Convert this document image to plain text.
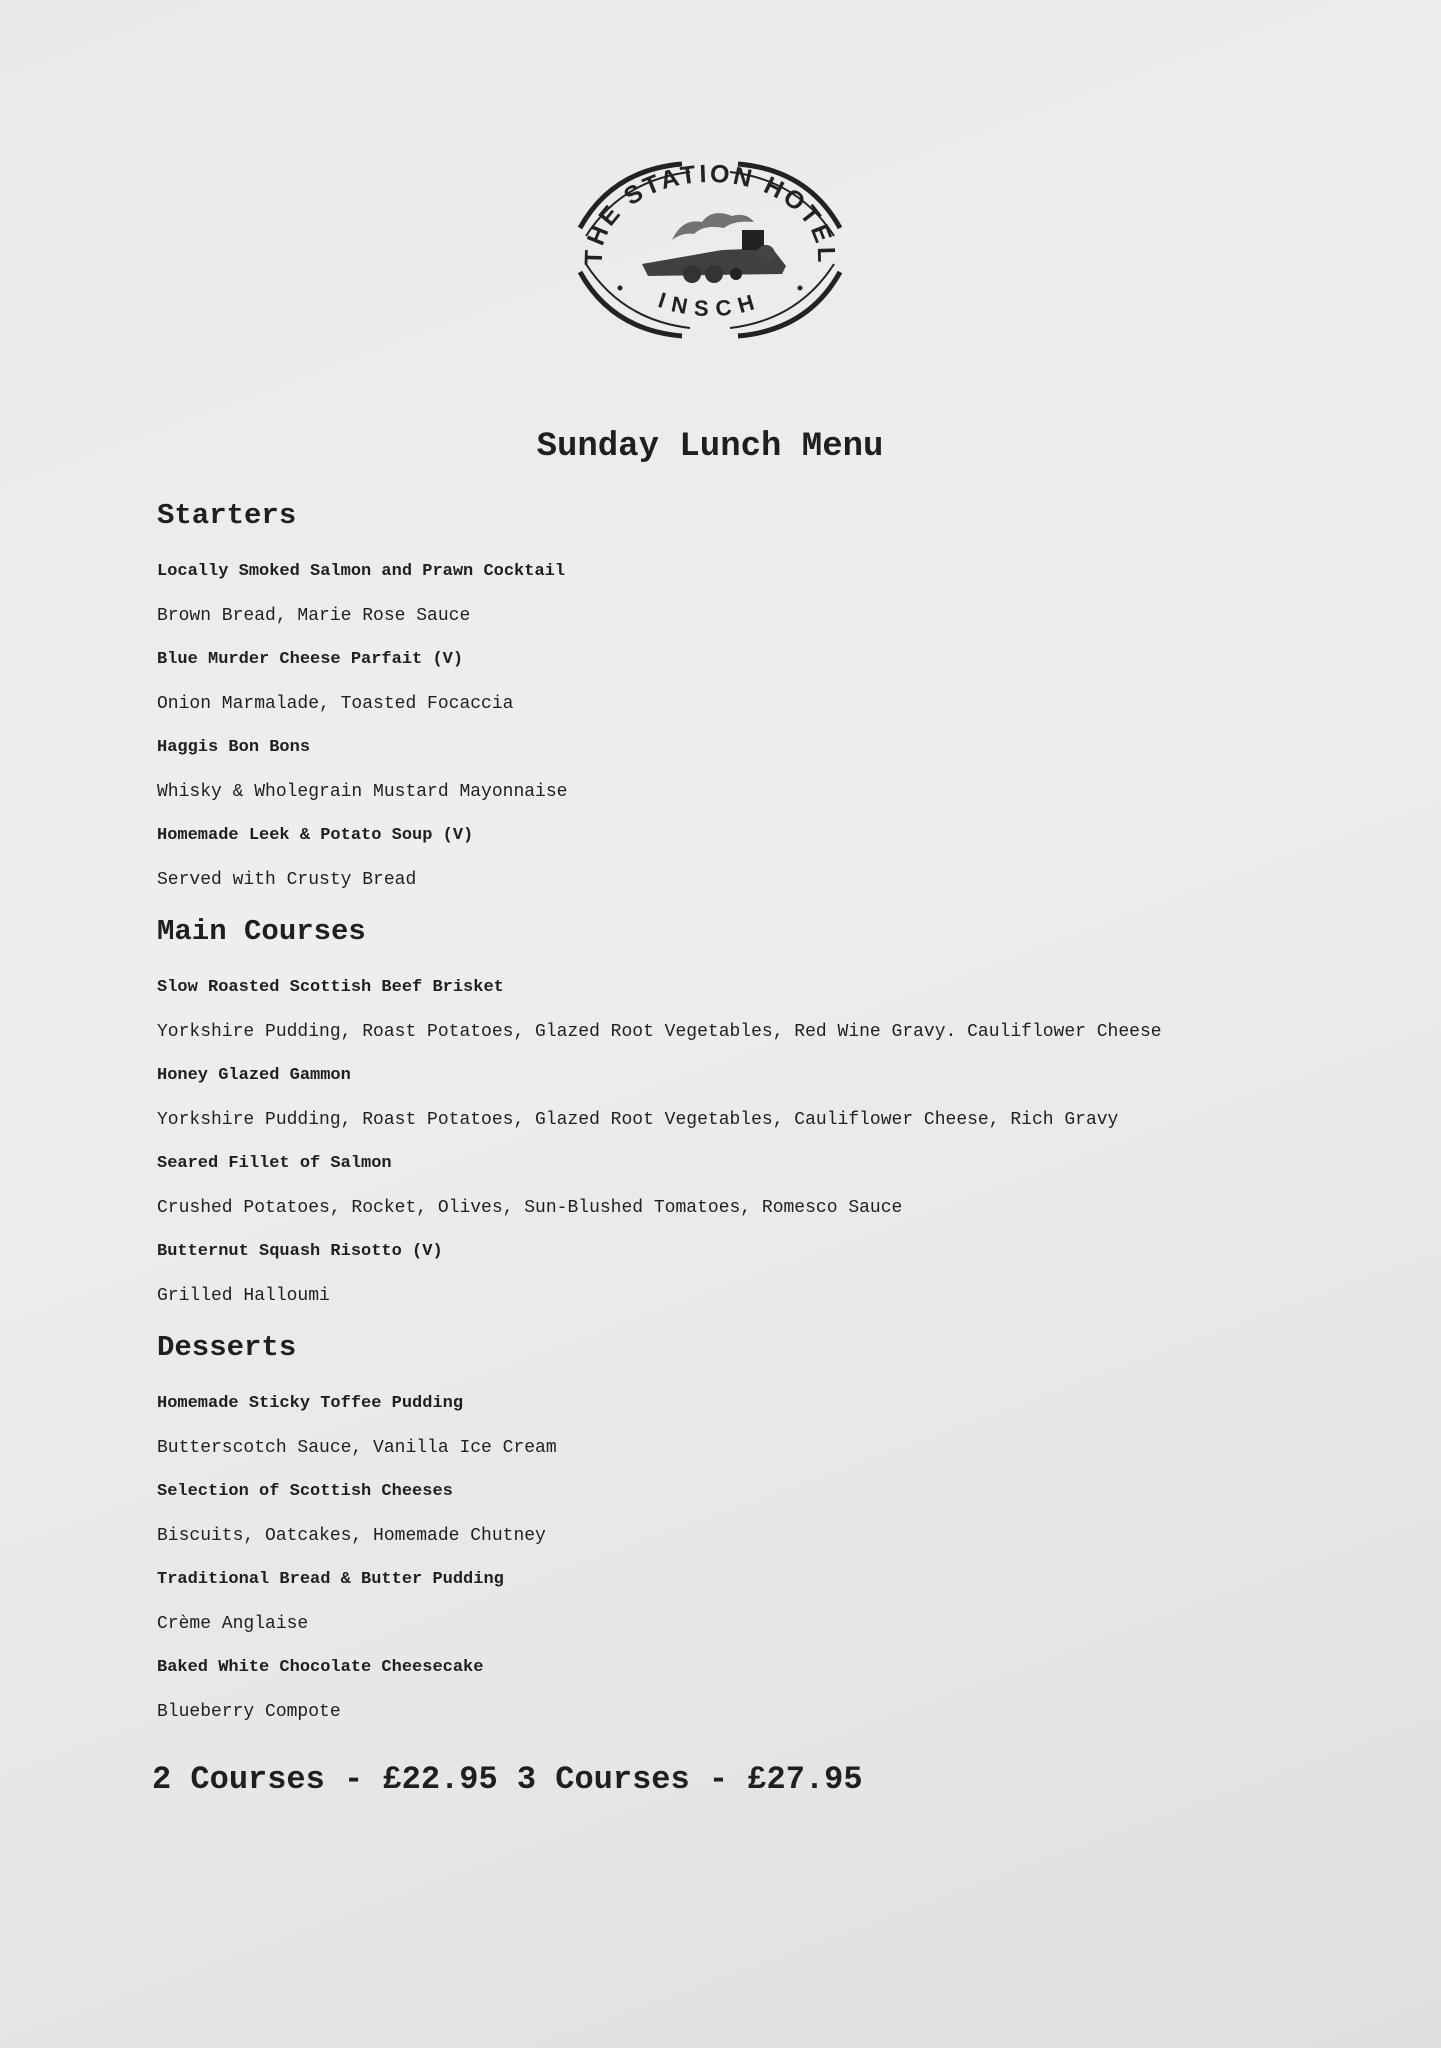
THE STATION HOTEL
INSCH
Sunday Lunch Menu
Starters
Locally Smoked Salmon and Prawn Cocktail
Brown Bread, Marie Rose Sauce
Blue Murder Cheese Parfait (V)
Onion Marmalade, Toasted Focaccia
Haggis Bon Bons
Whisky & Wholegrain Mustard Mayonnaise
Homemade Leek & Potato Soup (V)
Served with Crusty Bread
Main Courses
Slow Roasted Scottish Beef Brisket
Yorkshire Pudding, Roast Potatoes, Glazed Root Vegetables, Red Wine Gravy. Cauliflower Cheese
Honey Glazed Gammon
Yorkshire Pudding, Roast Potatoes, Glazed Root Vegetables, Cauliflower Cheese, Rich Gravy
Seared Fillet of Salmon
Crushed Potatoes, Rocket, Olives, Sun-Blushed Tomatoes, Romesco Sauce
Butternut Squash Risotto (V)
Grilled Halloumi
Desserts
Homemade Sticky Toffee Pudding
Butterscotch Sauce, Vanilla Ice Cream
Selection of Scottish Cheeses
Biscuits, Oatcakes, Homemade Chutney
Traditional Bread & Butter Pudding
Crème Anglaise
Baked White Chocolate Cheesecake
Blueberry Compote
2 Courses - £22.95 3 Courses - £27.95
